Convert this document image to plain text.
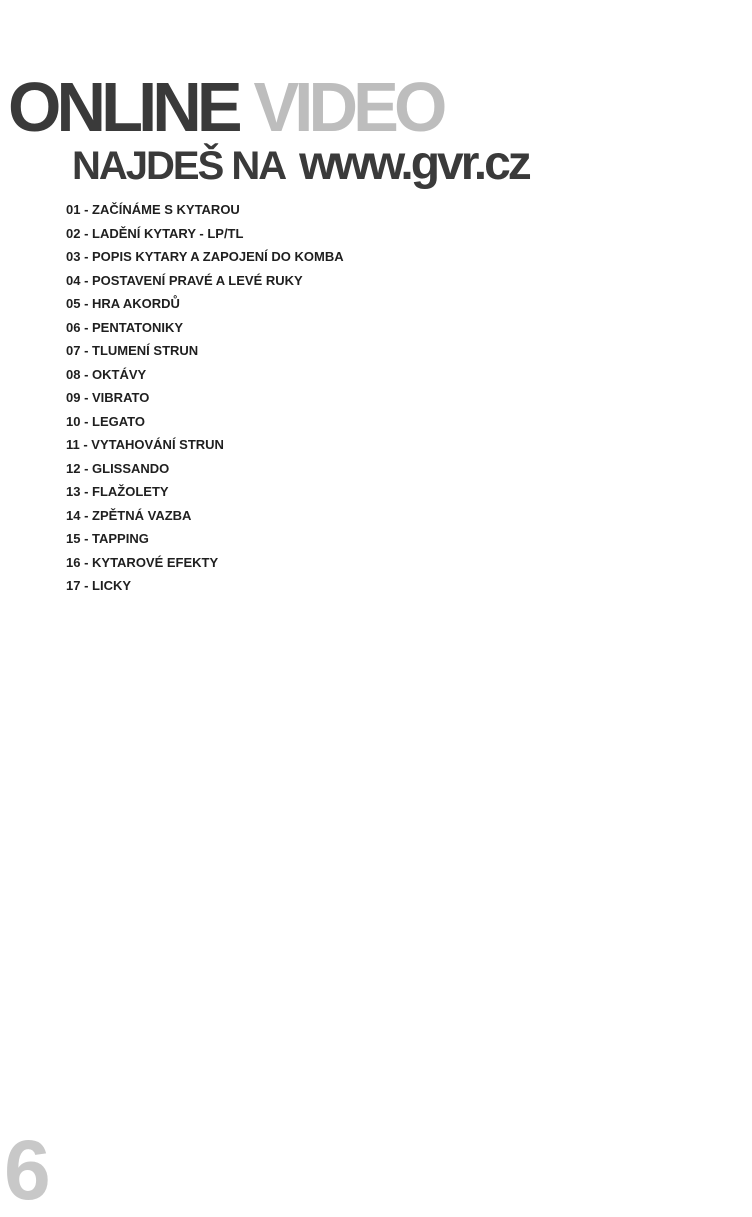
ONLINE VIDEO
NAJDEŠ NA www.gvr.cz
01 - ZAČÍNÁME S KYTAROU
02 - LADĚNÍ KYTARY - LP/TL
03 - POPIS KYTARY A ZAPOJENÍ DO KOMBA
04 - POSTAVENÍ PRAVÉ A LEVÉ RUKY
05 - HRA AKORDŮ
06 - PENTATONIKY
07 - TLUMENÍ STRUN
08 - OKTÁVY
09 - VIBRATO
10 - LEGATO
11 - VYTAHOVÁNÍ STRUN
12 - GLISSANDO
13 - FLAŽOLETY
14 - ZPĚTNÁ VAZBA
15 - TAPPING
16 - KYTAROVÉ EFEKTY
17 - LICKY
6
